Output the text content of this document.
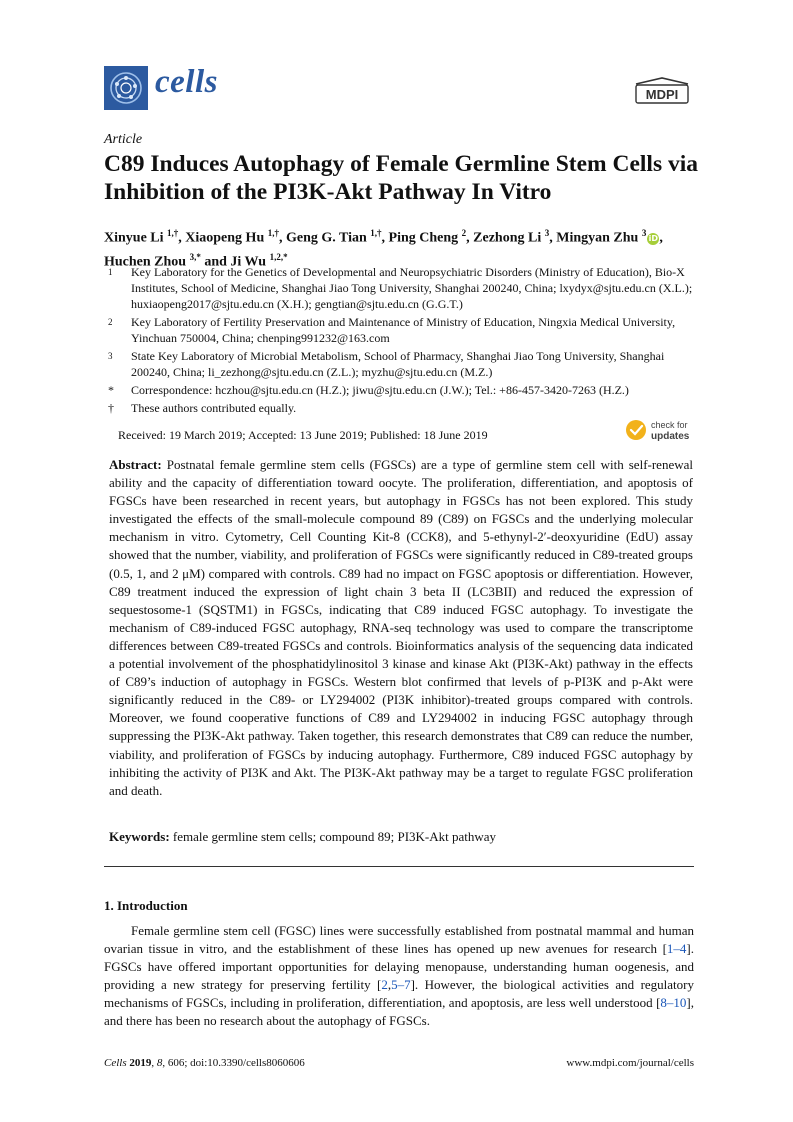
cells	MDPI
Article
C89 Induces Autophagy of Female Germline Stem Cells via Inhibition of the PI3K-Akt Pathway In Vitro
Xinyue Li $^{1,\dagger}$, Xiaopeng Hu $^{1,\dagger}$, Geng G. Tian $^{1,\dagger}$, Ping Cheng $^2$, Zezhong Li $^3$, Mingyan Zhu $^3$iD, Huchen Zhou $^{3,*}$ and Ji Wu $^{1,2,*}$
1	Key Laboratory for the Genetics of Developmental and Neuropsychiatric Disorders (Ministry of Education), Bio-X Institutes, School of Medicine, Shanghai Jiao Tong University, Shanghai 200240, China; lxydyx@sjtu.edu.cn (X.L.); huxiaopeng2017@sjtu.edu.cn (X.H.); gengtian@sjtu.edu.cn (G.G.T.)
2	Key Laboratory of Fertility Preservation and Maintenance of Ministry of Education, Ningxia Medical University, Yinchuan 750004, China; chenping991232@163.com
3	State Key Laboratory of Microbial Metabolism, School of Pharmacy, Shanghai Jiao Tong University, Shanghai 200240, China; li_zezhong@sjtu.edu.cn (Z.L.); myzhu@sjtu.edu.cn (M.Z.)
*	Correspondence: hczhou@sjtu.edu.cn (H.Z.); jiwu@sjtu.edu.cn (J.W.); Tel.: +86-457-3420-7263 (H.Z.)
†	These authors contributed equally.
Received: 19 March 2019; Accepted: 13 June 2019; Published: 18 June 2019
check for
updates
Abstract: Postnatal female germline stem cells (FGSCs) are a type of germline stem cell with self-renewal ability and the capacity of differentiation toward oocyte. The proliferation, differentiation, and apoptosis of FGSCs have been researched in recent years, but autophagy in FGSCs has not been explored. This study investigated the effects of the small-molecule compound 89 (C89) on FGSCs and the underlying molecular mechanism in vitro. Cytometry, Cell Counting Kit-8 (CCK8), and 5-ethynyl-2′-deoxyuridine (EdU) assay showed that the number, viability, and proliferation of FGSCs were significantly reduced in C89-treated groups (0.5, 1, and 2 μM) compared with controls. C89 had no impact on FGSC apoptosis or differentiation. However, C89 treatment induced the expression of light chain 3 beta II (LC3BII) and reduced the expression of sequestosome-1 (SQSTM1) in FGSCs, indicating that C89 induced FGSC autophagy. To investigate the mechanism of C89-induced FGSC autophagy, RNA-seq technology was used to compare the transcriptome differences between C89-treated FGSCs and controls. Bioinformatics analysis of the sequencing data indicated a potential involvement of the phosphatidylinositol 3 kinase and kinase Akt (PI3K-Akt) pathway in the effects of C89’s induction of autophagy in FGSCs. Western blot confirmed that levels of p-PI3K and p-Akt were significantly reduced in the C89- or LY294002 (PI3K inhibitor)-treated groups compared with controls. Moreover, we found cooperative functions of C89 and LY294002 in inducing FGSC autophagy through suppressing the PI3K-Akt pathway. Taken together, this research demonstrates that C89 can reduce the number, viability, and proliferation of FGSCs by inducing autophagy. Furthermore, C89 induced FGSC autophagy by inhibiting the activity of PI3K and Akt. The PI3K-Akt pathway may be a target to regulate FGSC proliferation and death.
Keywords: female germline stem cells; compound 89; PI3K-Akt pathway
1. Introduction
Female germline stem cell (FGSC) lines were successfully established from postnatal mammal and human ovarian tissue in vitro, and the establishment of these lines has opened up new avenues for research [1–4]. FGSCs have offered important opportunities for delaying menopause, understanding human oogenesis, and providing a new strategy for preserving fertility [2,5–7]. However, the biological activities and regulatory mechanisms of FGSCs, including in proliferation, differentiation, and apoptosis, are less well understood [8–10], and there has been no research about the autophagy of FGSCs.
Cells 2019, 8, 606; doi:10.3390/cells8060606	www.mdpi.com/journal/cells
